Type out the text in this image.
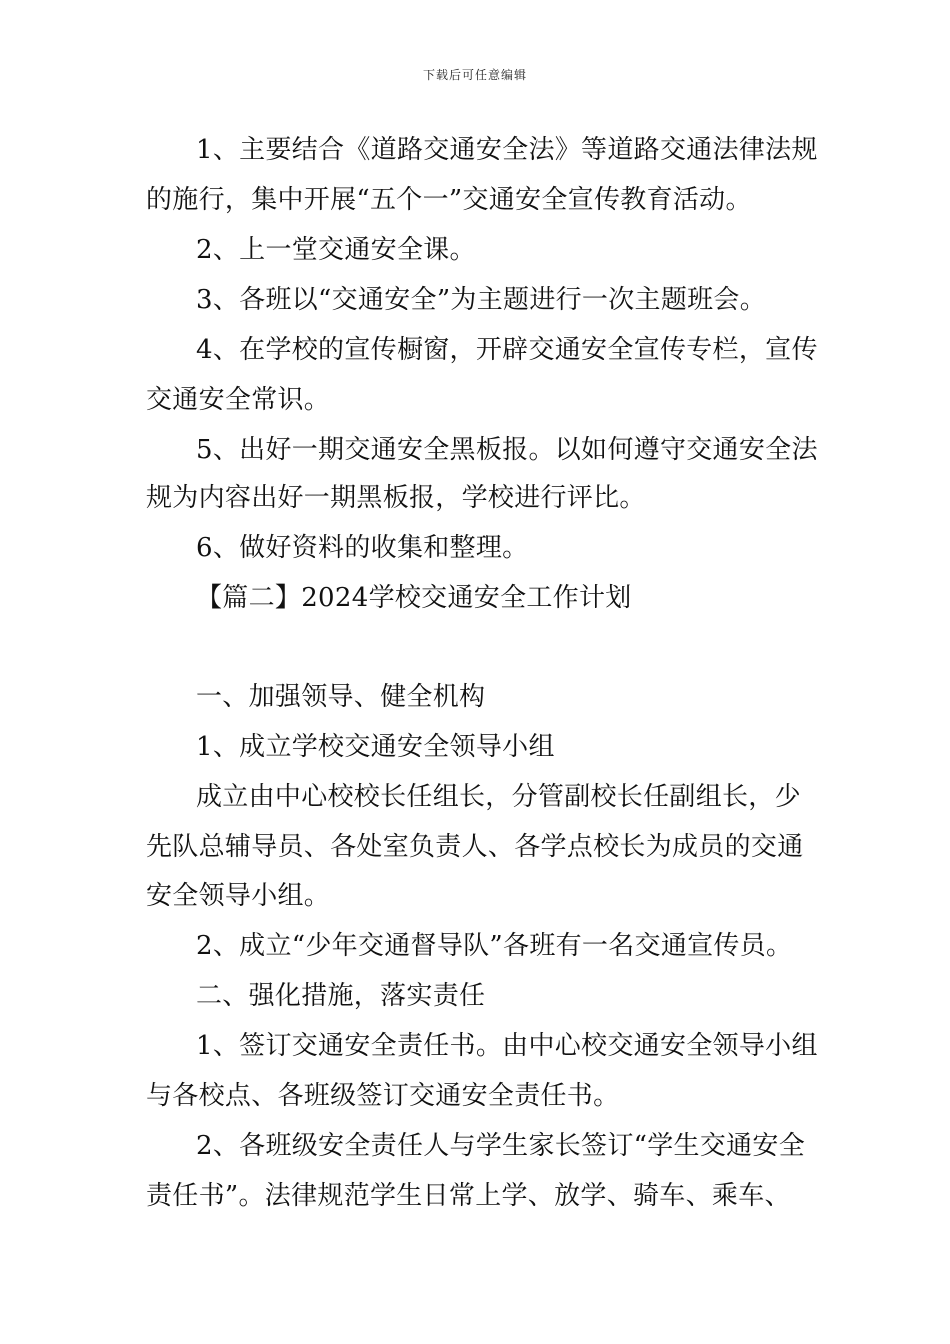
下载后可任意编辑
1、主要结合《道路交通安全法》等道路交通法律法规
的施行，集中开展“五个一”交通安全宣传教育活动。
2、上一堂交通安全课。
3、各班以“交通安全”为主题进行一次主题班会。
4、在学校的宣传橱窗，开辟交通安全宣传专栏，宣传
交通安全常识。
5、出好一期交通安全黑板报。以如何遵守交通安全法
规为内容出好一期黑板报，学校进行评比。
6、做好资料的收集和整理。
【篇二】2024学校交通安全工作计划
一、加强领导、健全机构
1、成立学校交通安全领导小组
成立由中心校校长任组长，分管副校长任副组长，少
先队总辅导员、各处室负责人、各学点校长为成员的交通
安全领导小组。
2、成立“少年交通督导队”各班有一名交通宣传员。
二、强化措施，落实责任
1、签订交通安全责任书。由中心校交通安全领导小组
与各校点、各班级签订交通安全责任书。
2、各班级安全责任人与学生家长签订“学生交通安全
责任书”。法律规范学生日常上学、放学、骑车、乘车、
